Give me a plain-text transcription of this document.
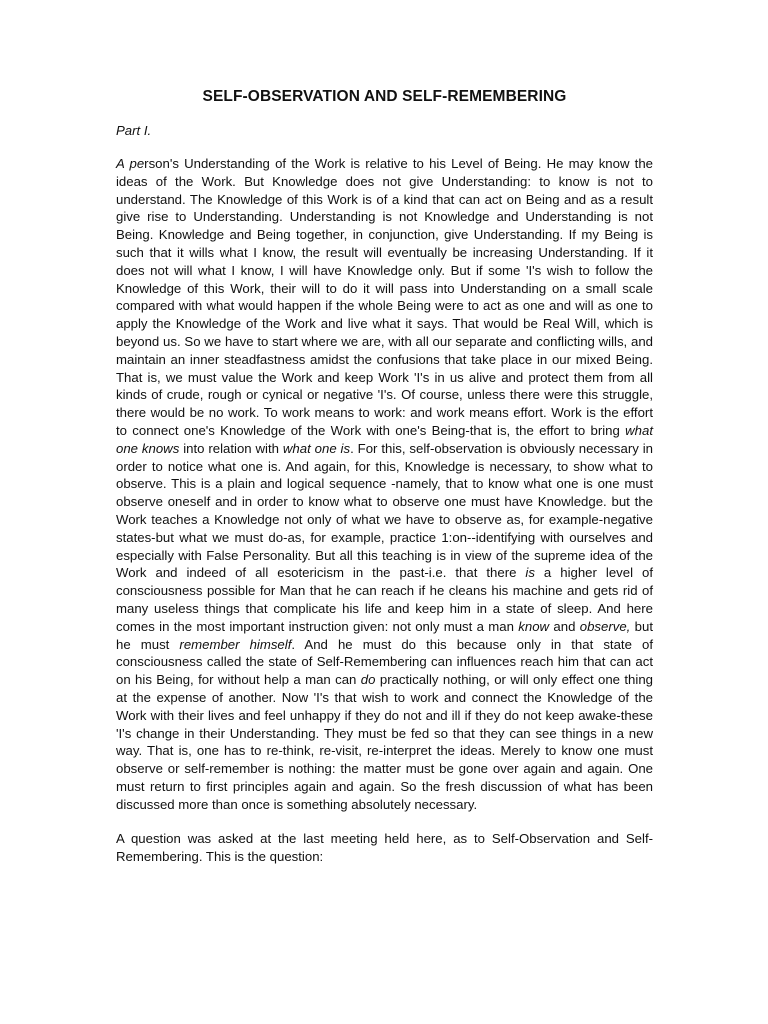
SELF-OBSERVATION AND SELF-REMEMBERING

Part I.

A person's Understanding of the Work is relative to his Level of Being. He may know the ideas of the Work. But Knowledge does not give Understanding: to know is not to understand. The Knowledge of this Work is of a kind that can act on Being and as a result give rise to Understanding. Understanding is not Knowledge and Understanding is not Being. Knowledge and Being together, in conjunction, give Understanding. If my Being is such that it wills what I know, the result will eventually be increasing Understanding. If it does not will what I know, I will have Knowledge only. But if some 'I's wish to follow the Knowledge of this Work, their will to do it will pass into Understanding on a small scale compared with what would happen if the whole Being were to act as one and will as one to apply the Knowledge of the Work and live what it says. That would be Real Will, which is beyond us. So we have to start where we are, with all our separate and conflicting wills, and maintain an inner steadfastness amidst the confusions that take place in our mixed Being. That is, we must value the Work and keep Work 'I's in us alive and protect them from all kinds of crude, rough or cynical or negative 'I's. Of course, unless there were this struggle, there would be no work. To work means to work: and work means effort. Work is the effort to connect one's Knowledge of the Work with one's Being-that is, the effort to bring what one knows into relation with what one is. For this, self-observation is obviously necessary in order to notice what one is. And again, for this, Knowledge is necessary, to show what to observe. This is a plain and logical sequence -namely, that to know what one is one must observe oneself and in order to know what to observe one must have Knowledge. but the Work teaches a Knowledge not only of what we have to observe as, for example-negative states-but what we must do-as, for example, practice 1:on--identifying with ourselves and especially with False Personality. But all this teaching is in view of the supreme idea of the Work and indeed of all esotericism in the past-i.e. that there is a higher level of consciousness possible for Man that he can reach if he cleans his machine and gets rid of many useless things that complicate his life and keep him in a state of sleep. And here comes in the most important instruction given: not only must a man know and observe, but he must remember himself. And he must do this because only in that state of consciousness called the state of Self-Remembering can influences reach him that can act on his Being, for without help a man can do practically nothing, or will only effect one thing at the expense of another. Now 'I's that wish to work and connect the Knowledge of the Work with their lives and feel unhappy if they do not and ill if they do not keep awake-these 'I's change in their Understanding. They must be fed so that they can see things in a new way. That is, one has to re-think, re-visit, re-interpret the ideas. Merely to know one must observe or self-remember is nothing: the matter must be gone over again and again. One must return to first principles again and again. So the fresh discussion of what has been discussed more than once is something absolutely necessary.

A question was asked at the last meeting held here, as to Self-Observation and Self-Remembering. This is the question:
